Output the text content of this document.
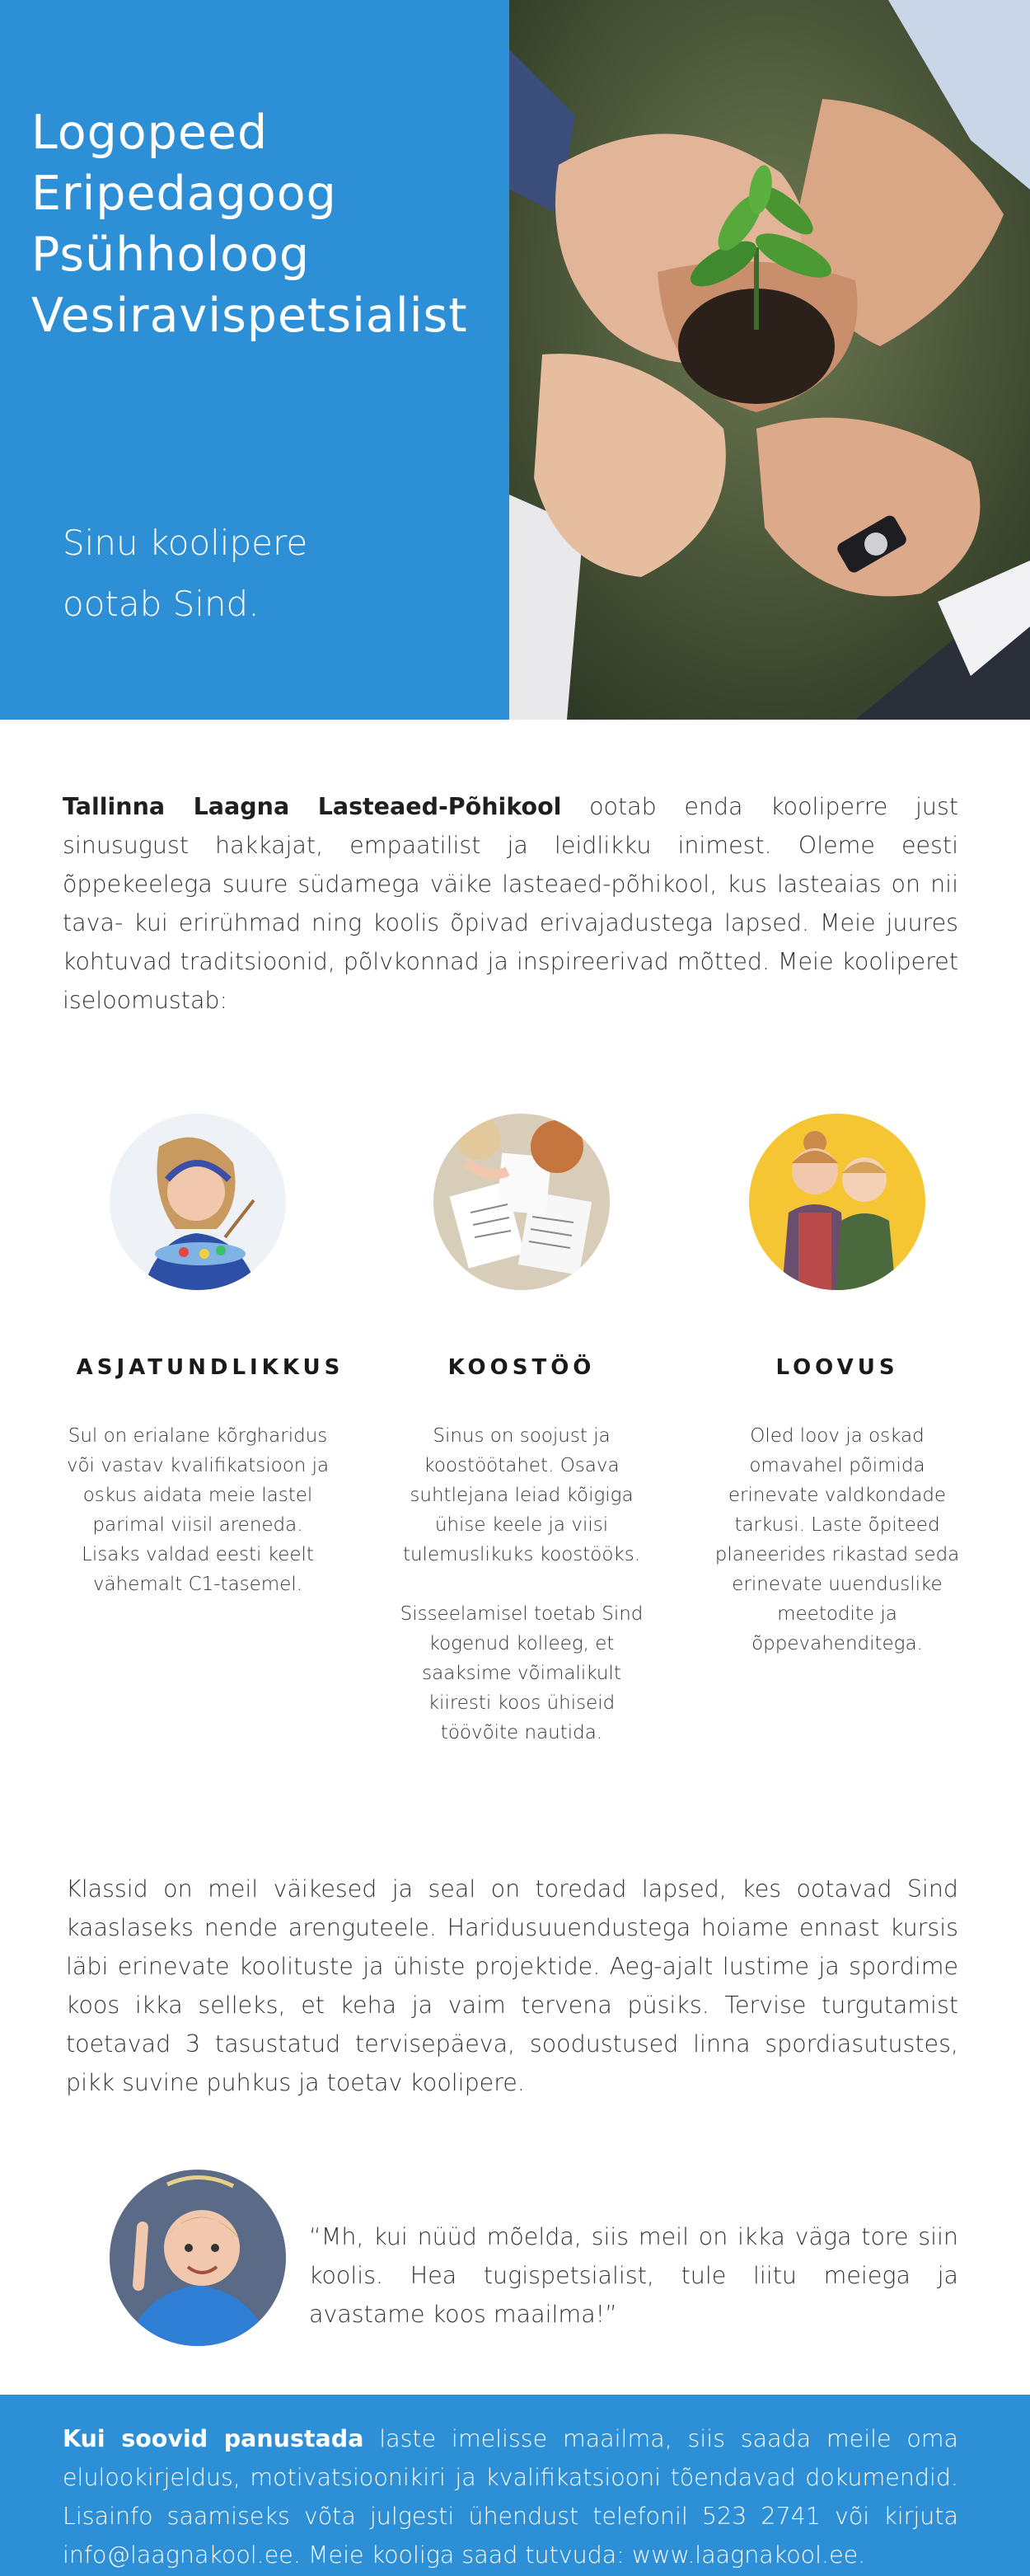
Logopeed
Eripedagoog
Psühholoog
Vesiravispetsialist
Sinu koolipere
ootab Sind.

Tallinna Laagna Lasteaed-Põhikool ootab enda kooliperre just sinusugust hakkajat, empaatilist ja leidlikku inimest. Oleme eesti õppekeelega suure südamega väike lasteaed-põhikool, kus lasteaias on nii tava- kui erirühmad ning koolis õpivad erivajadustega lapsed. Meie juures kohtuvad traditsioonid, põlvkonnad ja inspireerivad mõtted. Meie kooliperet iseloomustab:

ASJATUNDLIKKUS

Sul on erialane kõrgharidus või vastav kvalifikatsioon ja oskus aidata meie lastel parimal viisil areneda. Lisaks valdad eesti keelt vähemalt C1-tasemel.

KOOSTÖÖ

Sinus on soojust ja koostöötahet. Osava suhtlejana leiad kõigiga ühise keele ja viisi tulemuslikuks koostööks.

Sisseelamisel toetab Sind kogenud kolleeg, et saaksime võimalikult kiiresti koos ühiseid töövõite nautida.

LOOVUS

Oled loov ja oskad omavahel põimida erinevate valdkondade tarkusi. Laste õpiteed planeerides rikastad seda erinevate uuenduslike meetodite ja õppevahenditega.

Klassid on meil väikesed ja seal on toredad lapsed, kes ootavad Sind kaaslaseks nende arenguteele. Haridusuuendustega hoiame ennast kursis läbi erinevate koolituste ja ühiste projektide. Aeg-ajalt lustime ja spordime koos ikka selleks, et keha ja vaim tervena püsiks. Tervise turgutamist toetavad 3 tasustatud tervisepäeva, soodustused linna spordiasutustes, pikk suvine puhkus ja toetav koolipere.

“Mh, kui nüüd mõelda, siis meil on ikka väga tore siin koolis. Hea tugispetsialist, tule liitu meiega ja avastame koos maailma!”

Kui soovid panustada laste imelisse maailma, siis saada meile oma elulookirjeldus, motivatsioonikiri ja kvalifikatsiooni tõendavad dokumendid. Lisainfo saamiseks võta julgesti ühendust telefonil 523 2741 või kirjuta info@laagnakool.ee. Meie kooliga saad tutvuda: www.laagnakool.ee.
